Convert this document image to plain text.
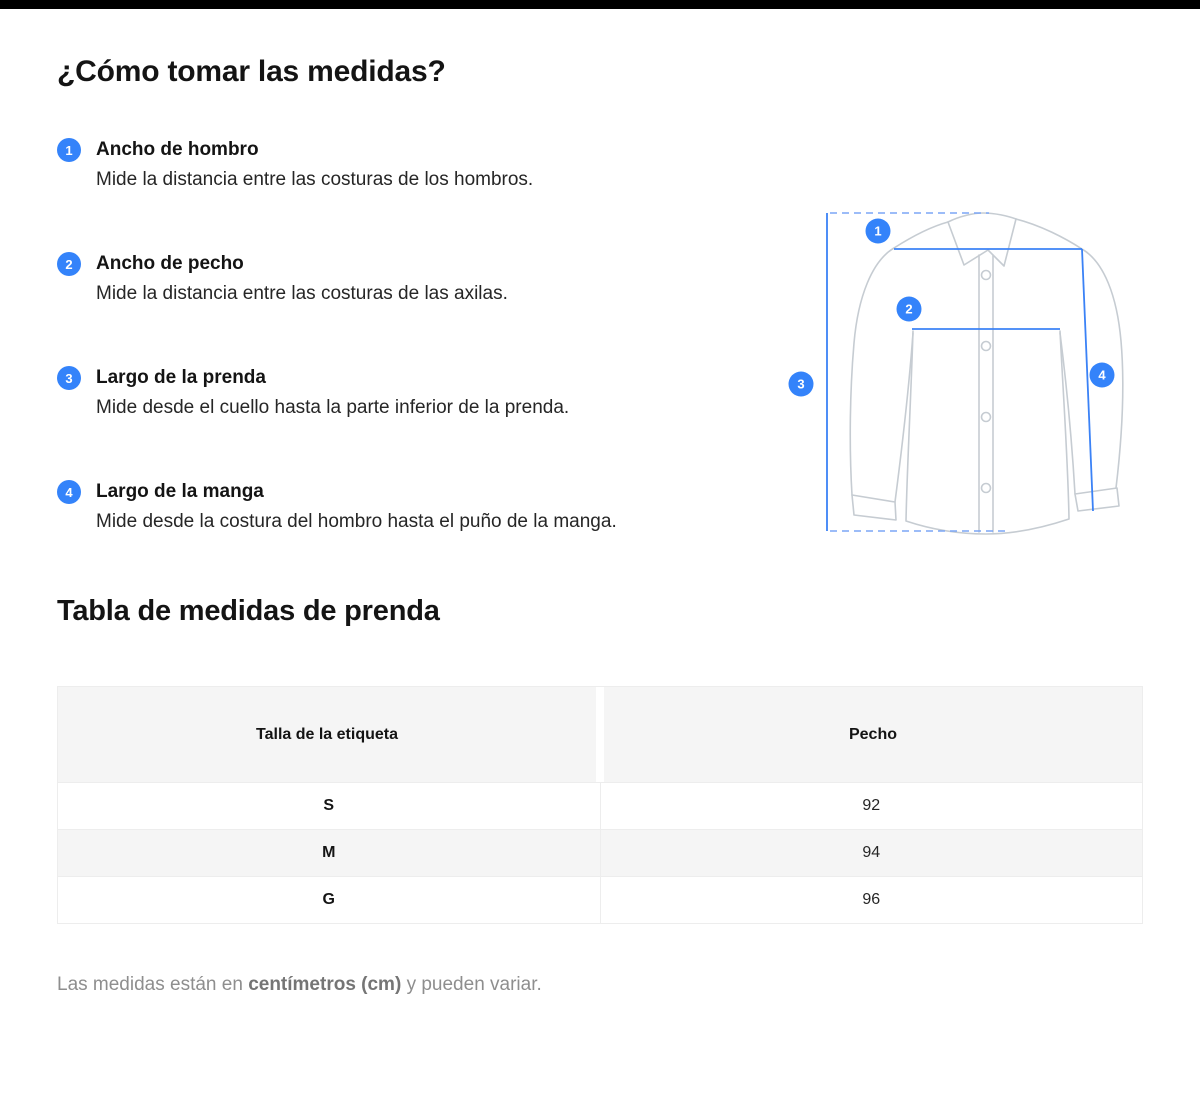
¿Cómo tomar las medidas?
1	Ancho de hombro

Mide la distancia entre las costuras de los hombros.

2	Ancho de pecho

Mide la distancia entre las costuras de las axilas.

3	Largo de la prenda

Mide desde el cuello hasta la parte inferior de la prenda.

4	Largo de la manga

Mide desde la costura del hombro hasta el puño de la manga.

Tabla de medidas de prenda
Talla de la etiqueta	Pecho
S	92
M	94
G	96

Las medidas están en centímetros (cm) y pueden variar.

1
2
3
4
